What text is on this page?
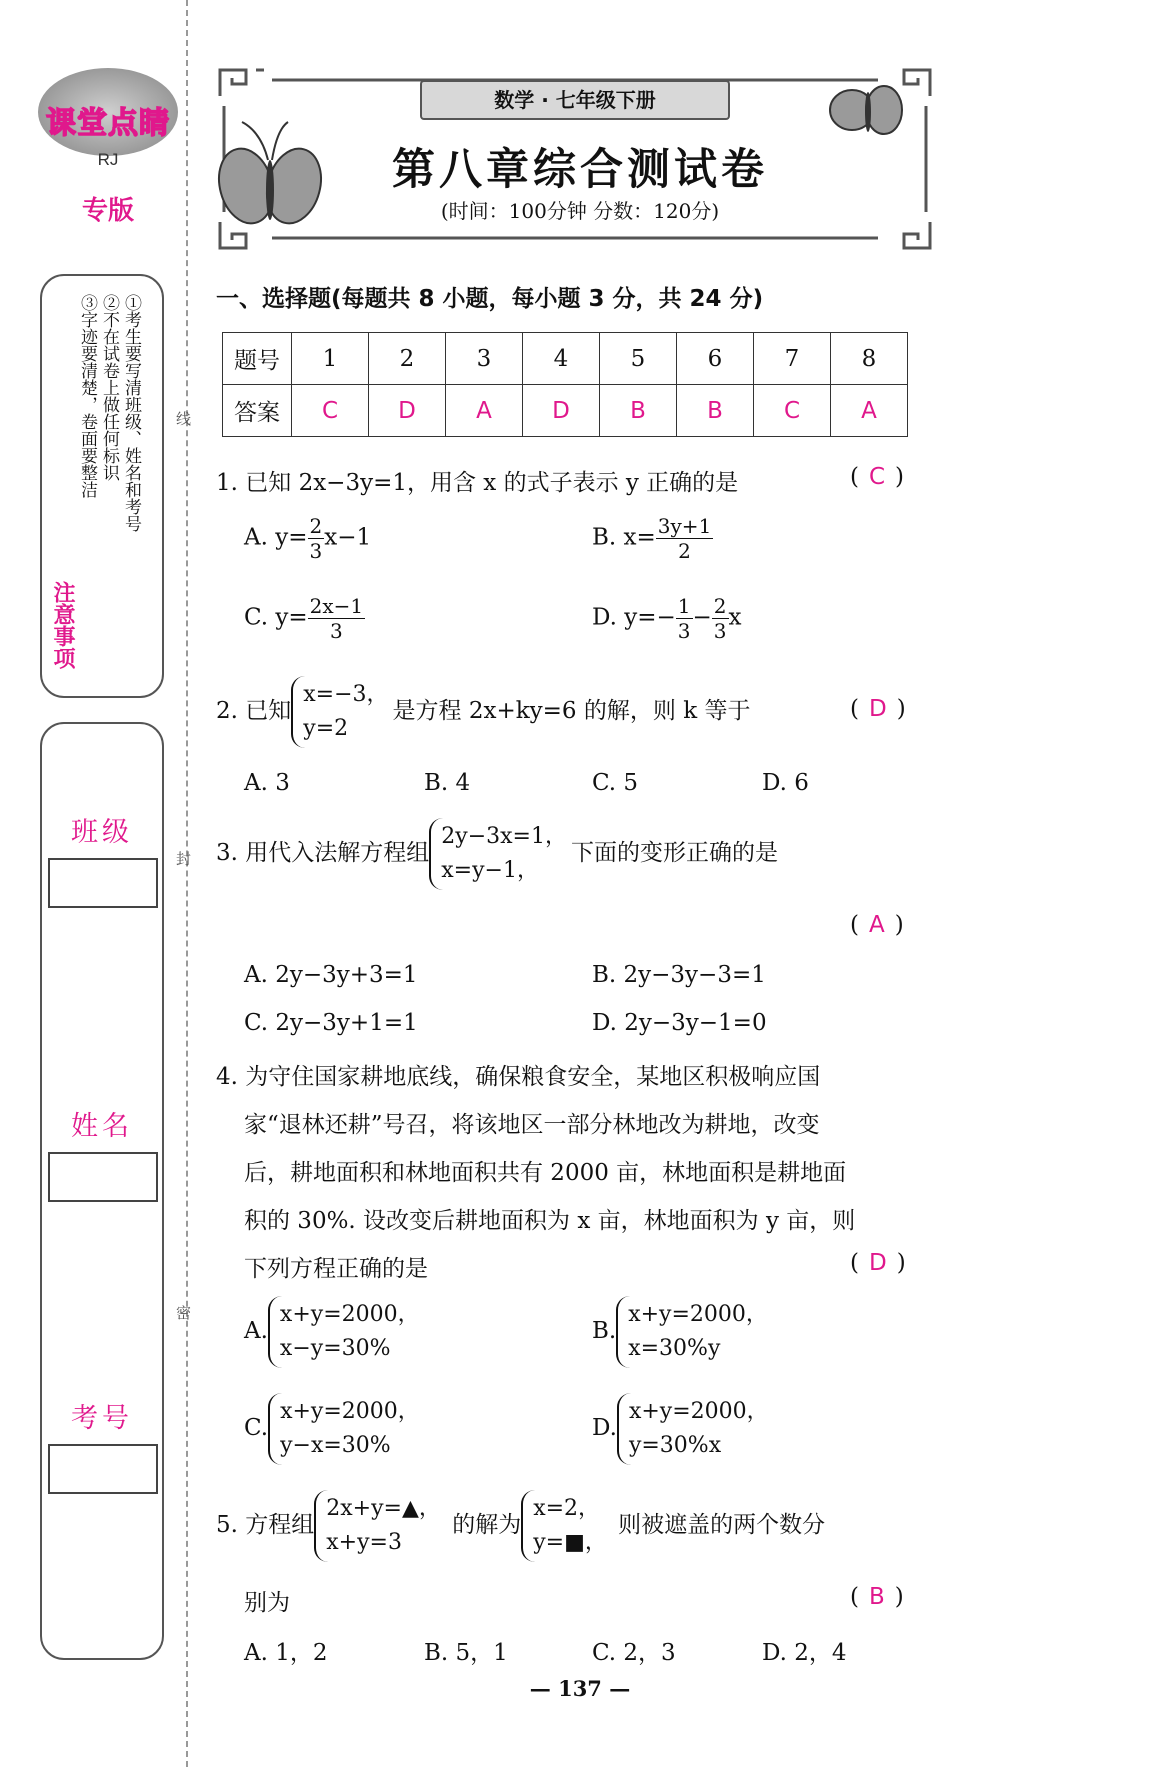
课堂点睛
RJ
专版
①考生要写清班级、姓名和考号
②不在试卷上做任何标识
③字迹要清楚，卷面要整洁
注意事项
班级
姓名
考号
线
封
密
数学 · 七年级下册
第八章综合测试卷
(时间：100分钟 分数：120分)
一、选择题(每题共 8 小题，每小题 3 分，共 24 分)
题号	1	2	3	4	5	6	7	8
答案	C	D	A	D	B	B	C	A
1. 已知 2x−3y=1，用含 x 的式子表示 y 正确的是	( C )
A. $y= \frac{2}{3} x-1$	B. $x= \frac{3y+1}{2}$
C. $y= \frac{2x-1}{3}$	D. $y=- \frac{1}{3} - \frac{2}{3}$ x
2. 已知
x=−3，
y=2
是方程 2x+ky=6 的解，则 k 等于	( D )
A. 3	B. 4	C. 5	D. 6
3. 用代入法解方程组
2y−3x=1，
x=y−1，
下面的变形正确的是
( A )
A. 2y−3y+3=1	B. 2y−3y−3=1
C. 2y−3y+1=1	D. 2y−3y−1=0
4. 为守住国家耕地底线，确保粮食安全，某地区积极响应国
家“退林还耕”号召，将该地区一部分林地改为耕地，改变
后，耕地面积和林地面积共有 2000 亩，林地面积是耕地面
积的 30%. 设改变后耕地面积为 x 亩，林地面积为 y 亩，则
下列方程正确的是	( D )
A.
x+y=2000，
x−y=30%
B.
x+y=2000，
x=30%y
C.
x+y=2000，
y−x=30%
D.
x+y=2000，
y=30%x
5. 方程组
2x+y=▲，
x+y=3
的解为
x=2，
y=■，
则被遮盖的两个数分
别为	( B )
A. 1，2	B. 5，1	C. 2，3	D. 2，4
— 137 —
